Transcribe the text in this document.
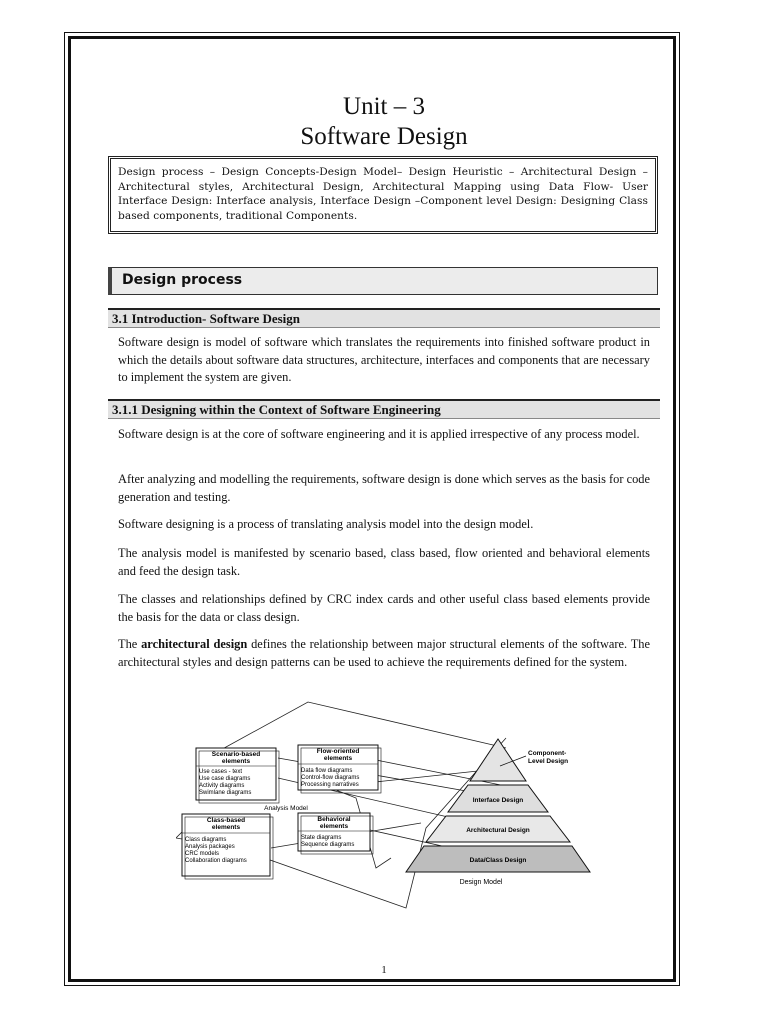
Unit – 3
Software Design
Design process – Design Concepts-Design Model– Design Heuristic – Architectural Design – Architectural styles, Architectural Design, Architectural Mapping using Data Flow- User Interface Design: Interface analysis, Interface Design –Component level Design: Designing Class based components, traditional Components.
Design process
3.1 Introduction- Software Design
Software design is model of software which translates the requirements into finished software product in which the details about software data structures, architecture, interfaces and components that are necessary to implement the system are given.
3.1.1 Designing within the Context of Software Engineering
Software design is at the core of software engineering and it is applied irrespective of any process model.
After analyzing and modelling the requirements, software design is done which serves as the basis for code generation and testing.
Software designing is a process of translating analysis model into the design model.
The analysis model is manifested by scenario based, class based, flow oriented and behavioral elements and feed the design task.
The classes and relationships defined by CRC index cards and other useful class based elements provide the basis for the data or class design.
The architectural design defines the relationship between major structural elements of the software. The architectural styles and design patterns can be used to achieve the requirements defined for the system.
Scenario-based
elements
Use cases - text
Use case diagrams
Activity diagrams
Swimlane diagrams
Flow-oriented
elements
Data flow diagrams
Control-flow diagrams
Processing narratives
Analysis Model
Class-based
elements
Class diagrams
Analysis packages
CRC models
Collaboration diagrams
Behavioral
elements
State diagrams
Sequence diagrams
Interface Design
Architectural Design
Data/Class Design
Component-
Level Design
Design Model
1
